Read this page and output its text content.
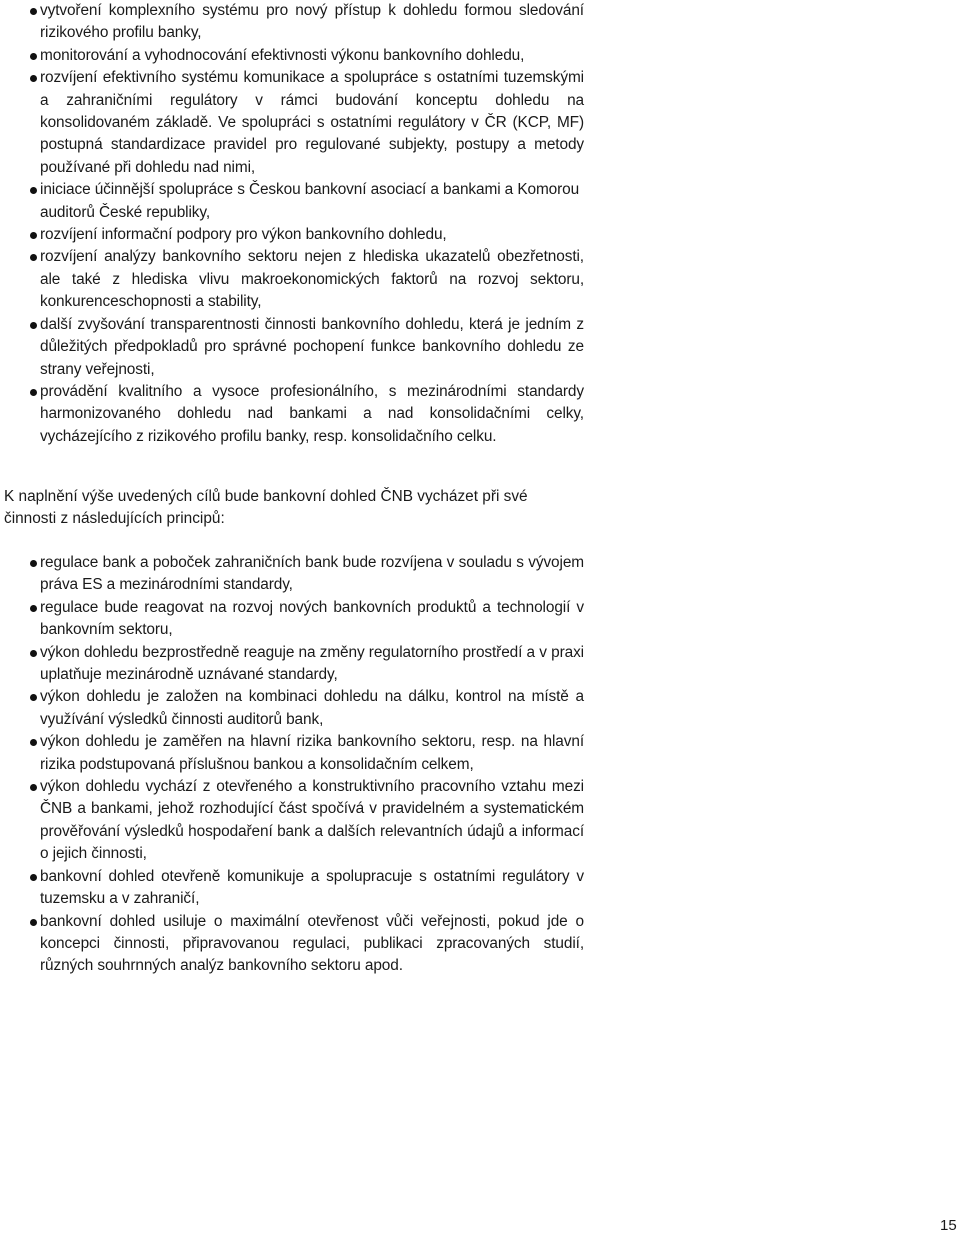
vytvoření komplexního systému pro nový přístup k dohledu formou sledování rizikového profilu banky,
monitorování a vyhodnocování efektivnosti výkonu bankovního dohledu,
rozvíjení efektivního systému komunikace a spolupráce s ostatními tuzemskými a zahraničními regulátory v rámci budování konceptu dohledu na konsolidovaném základě. Ve spolupráci s ostatními regulátory v ČR (KCP, MF) postupná standardizace pravidel pro regulované subjekty, postupy a metody používané při dohledu nad nimi,
iniciace účinnější spolupráce s Českou bankovní asociací a bankami a Komorou auditorů České republiky,
rozvíjení informační podpory pro výkon bankovního dohledu,
rozvíjení analýzy bankovního sektoru nejen z hlediska ukazatelů obezřetnosti, ale také z hlediska vlivu makroekonomických faktorů na rozvoj sektoru, konkurenceschopnosti a stability,
další zvyšování transparentnosti činnosti bankovního dohledu, která je jedním z důležitých předpokladů pro správné pochopení funkce bankovního dohledu ze strany veřejnosti,
provádění kvalitního a vysoce profesionálního, s mezinárodními standardy harmonizovaného dohledu nad bankami a nad konsolidačními celky, vycházejícího z rizikového profilu banky, resp. konsolidačního celku.

K naplnění výše uvedených cílů bude bankovní dohled ČNB vycházet při své činnosti z následujících principů:

regulace bank a poboček zahraničních bank bude rozvíjena v souladu s vývojem práva ES a mezinárodními standardy,
regulace bude reagovat na rozvoj nových bankovních produktů a technologií v bankovním sektoru,
výkon dohledu bezprostředně reaguje na změny regulatorního prostředí a v praxi uplatňuje mezinárodně uznávané standardy,
výkon dohledu je založen na kombinaci dohledu na dálku, kontrol na místě a využívání výsledků činnosti auditorů bank,
výkon dohledu je zaměřen na hlavní rizika bankovního sektoru, resp. na hlavní rizika podstupovaná příslušnou bankou a konsolidačním celkem,
výkon dohledu vychází z otevřeného a konstruktivního pracovního vztahu mezi ČNB a bankami, jehož rozhodující část spočívá v pravidelném a systematickém prověřování výsledků hospodaření bank a dalších relevantních údajů a informací o jejich činnosti,
bankovní dohled otevřeně komunikuje a spolupracuje s ostatními regulátory v tuzemsku a v zahraničí,
bankovní dohled usiluje o maximální otevřenost vůči veřejnosti, pokud jde o koncepci činnosti, připravovanou regulaci, publikaci zpracovaných studií, různých souhrnných analýz bankovního sektoru apod.
15
